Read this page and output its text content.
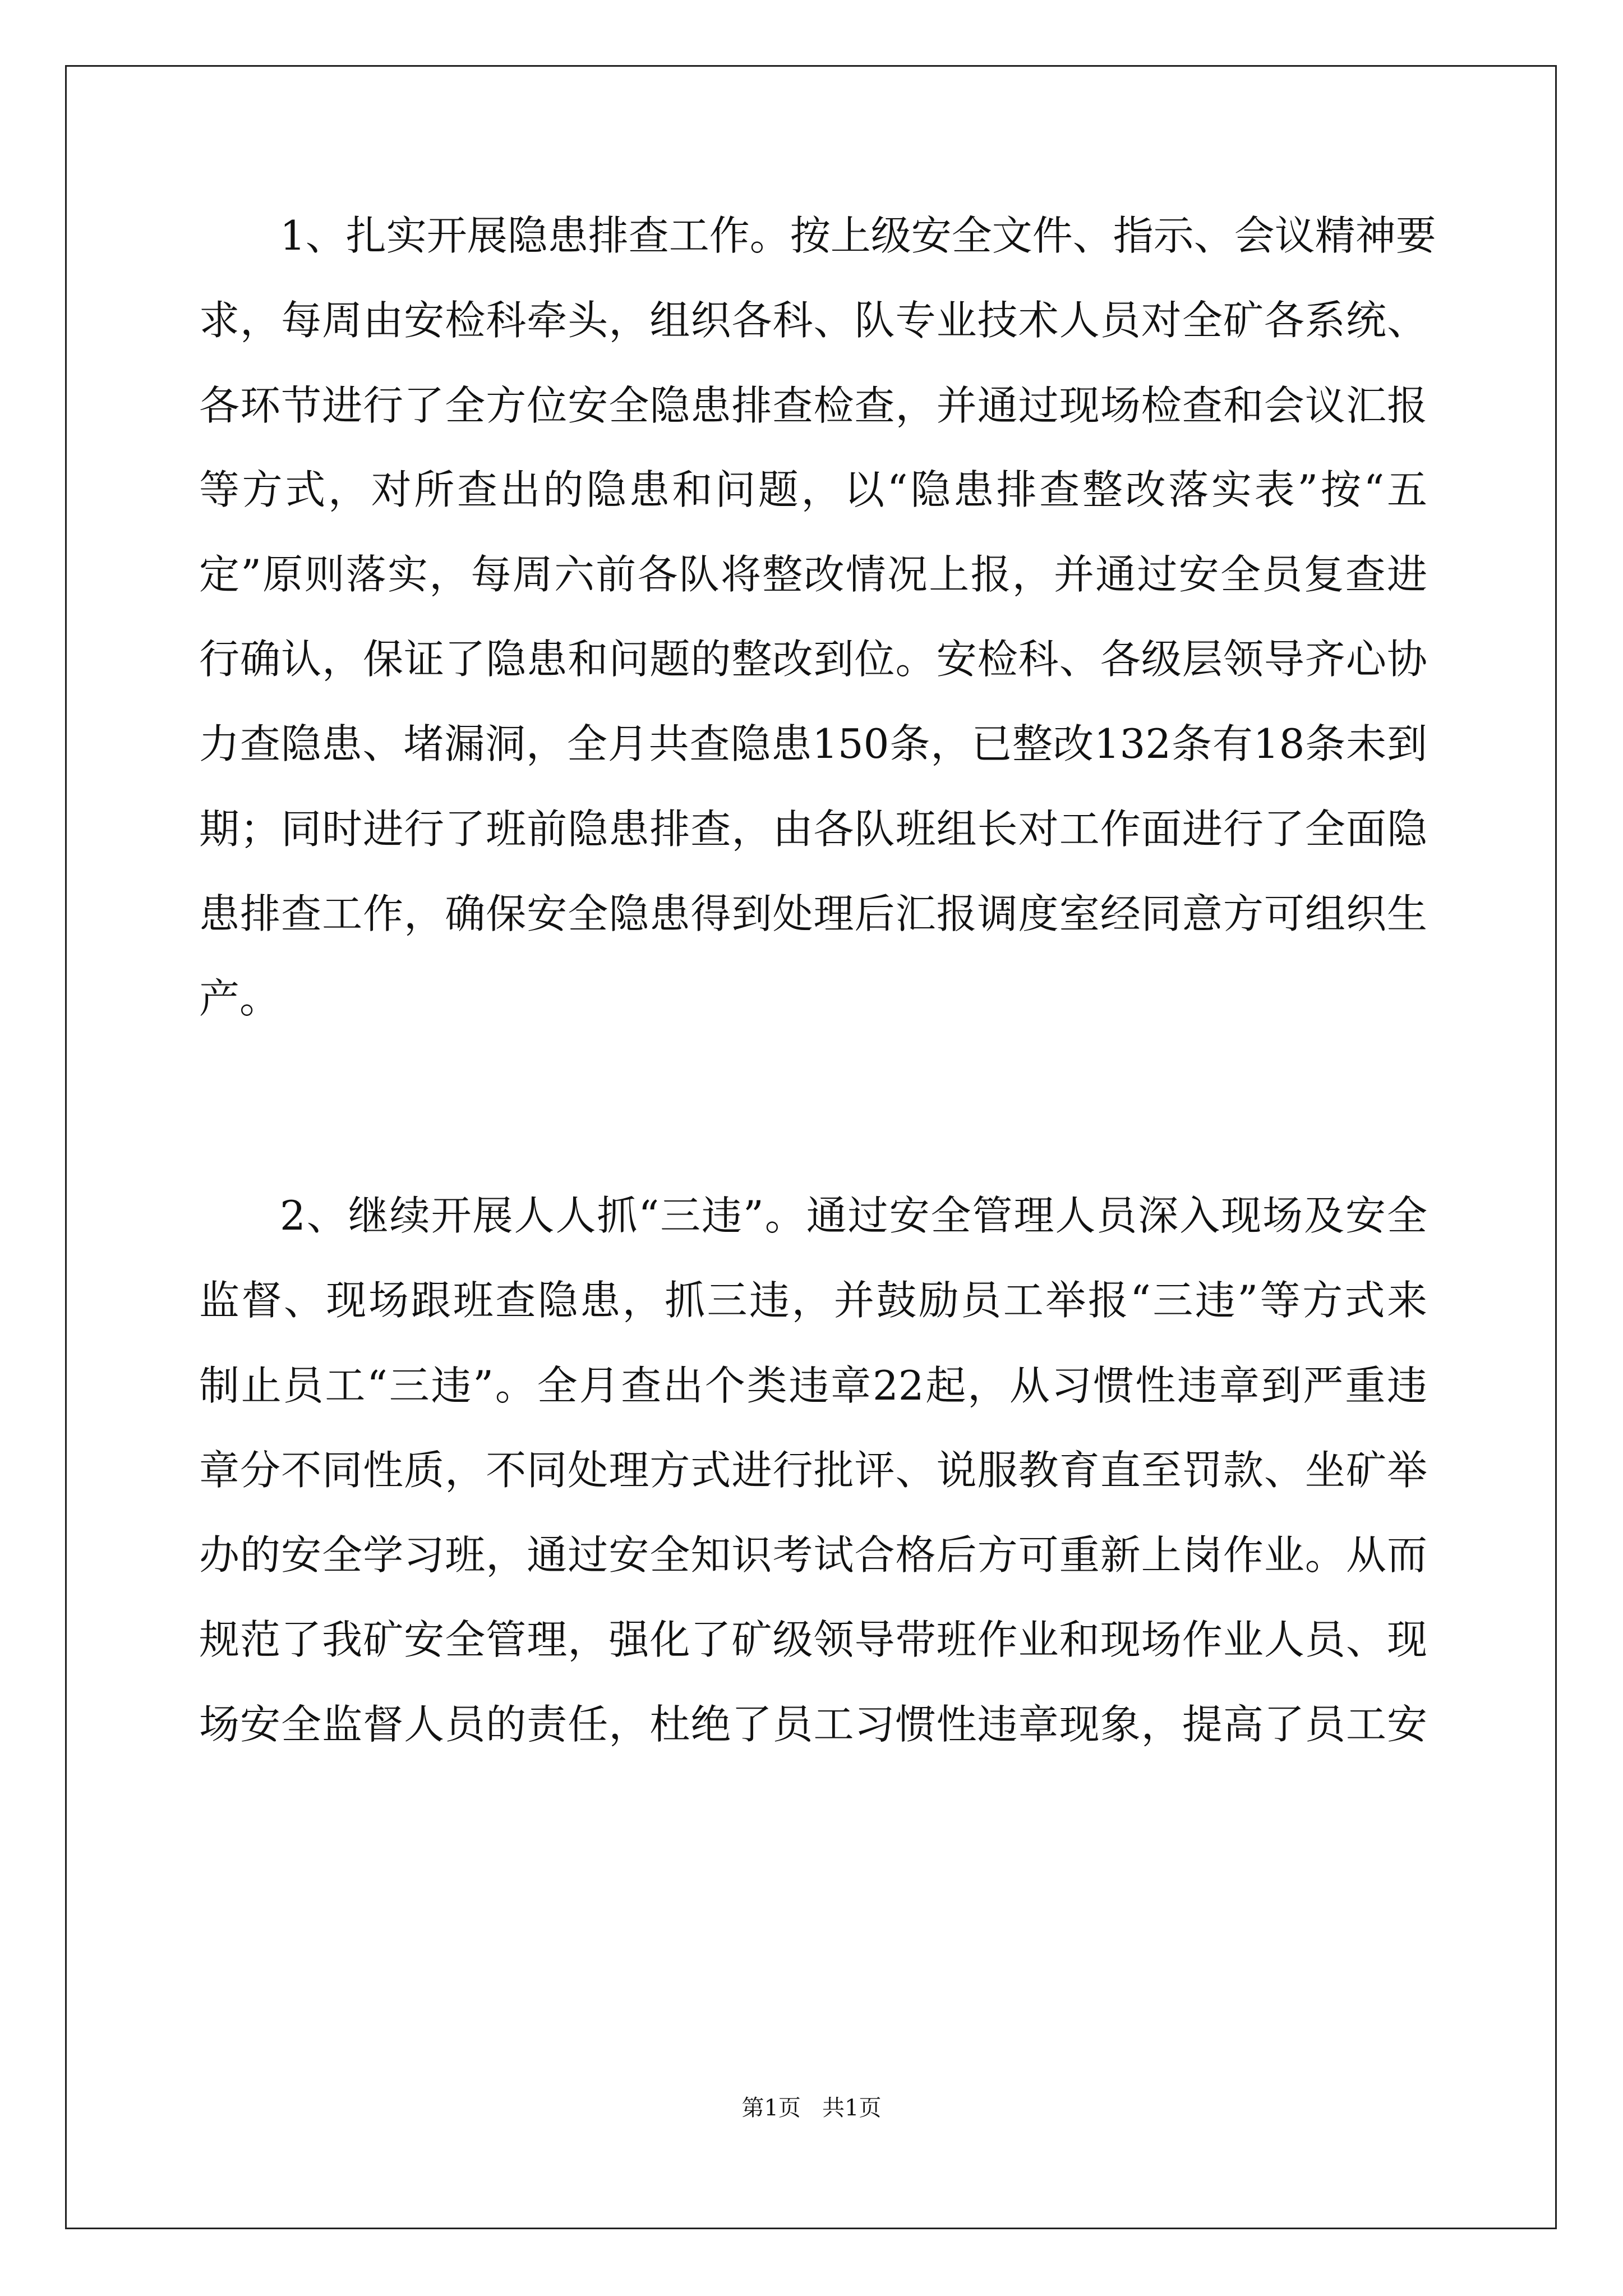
1、扎实开展隐患排查工作。按上级安全文件、指示、会议精神要
求，每周由安检科牵头，组织各科、队专业技术人员对全矿各系统、
各环节进行了全方位安全隐患排查检查，并通过现场检查和会议汇报
等方式，对所查出的隐患和问题，以“隐患排查整改落实表”按“五
定”原则落实，每周六前各队将整改情况上报，并通过安全员复查进
行确认，保证了隐患和问题的整改到位。安检科、各级层领导齐心协
力查隐患、堵漏洞，全月共查隐患150条，已整改132条有18条未到
期；同时进行了班前隐患排查，由各队班组长对工作面进行了全面隐
患排查工作，确保安全隐患得到处理后汇报调度室经同意方可组织生
产。
2、继续开展人人抓“三违”。通过安全管理人员深入现场及安全
监督、现场跟班查隐患，抓三违，并鼓励员工举报“三违”等方式来
制止员工“三违”。全月查出个类违章22起，从习惯性违章到严重违
章分不同性质，不同处理方式进行批评、说服教育直至罚款、坐矿举
办的安全学习班，通过安全知识考试合格后方可重新上岗作业。从而
规范了我矿安全管理，强化了矿级领导带班作业和现场作业人员、现
场安全监督人员的责任，杜绝了员工习惯性违章现象，提高了员工安
第1页   共1页
